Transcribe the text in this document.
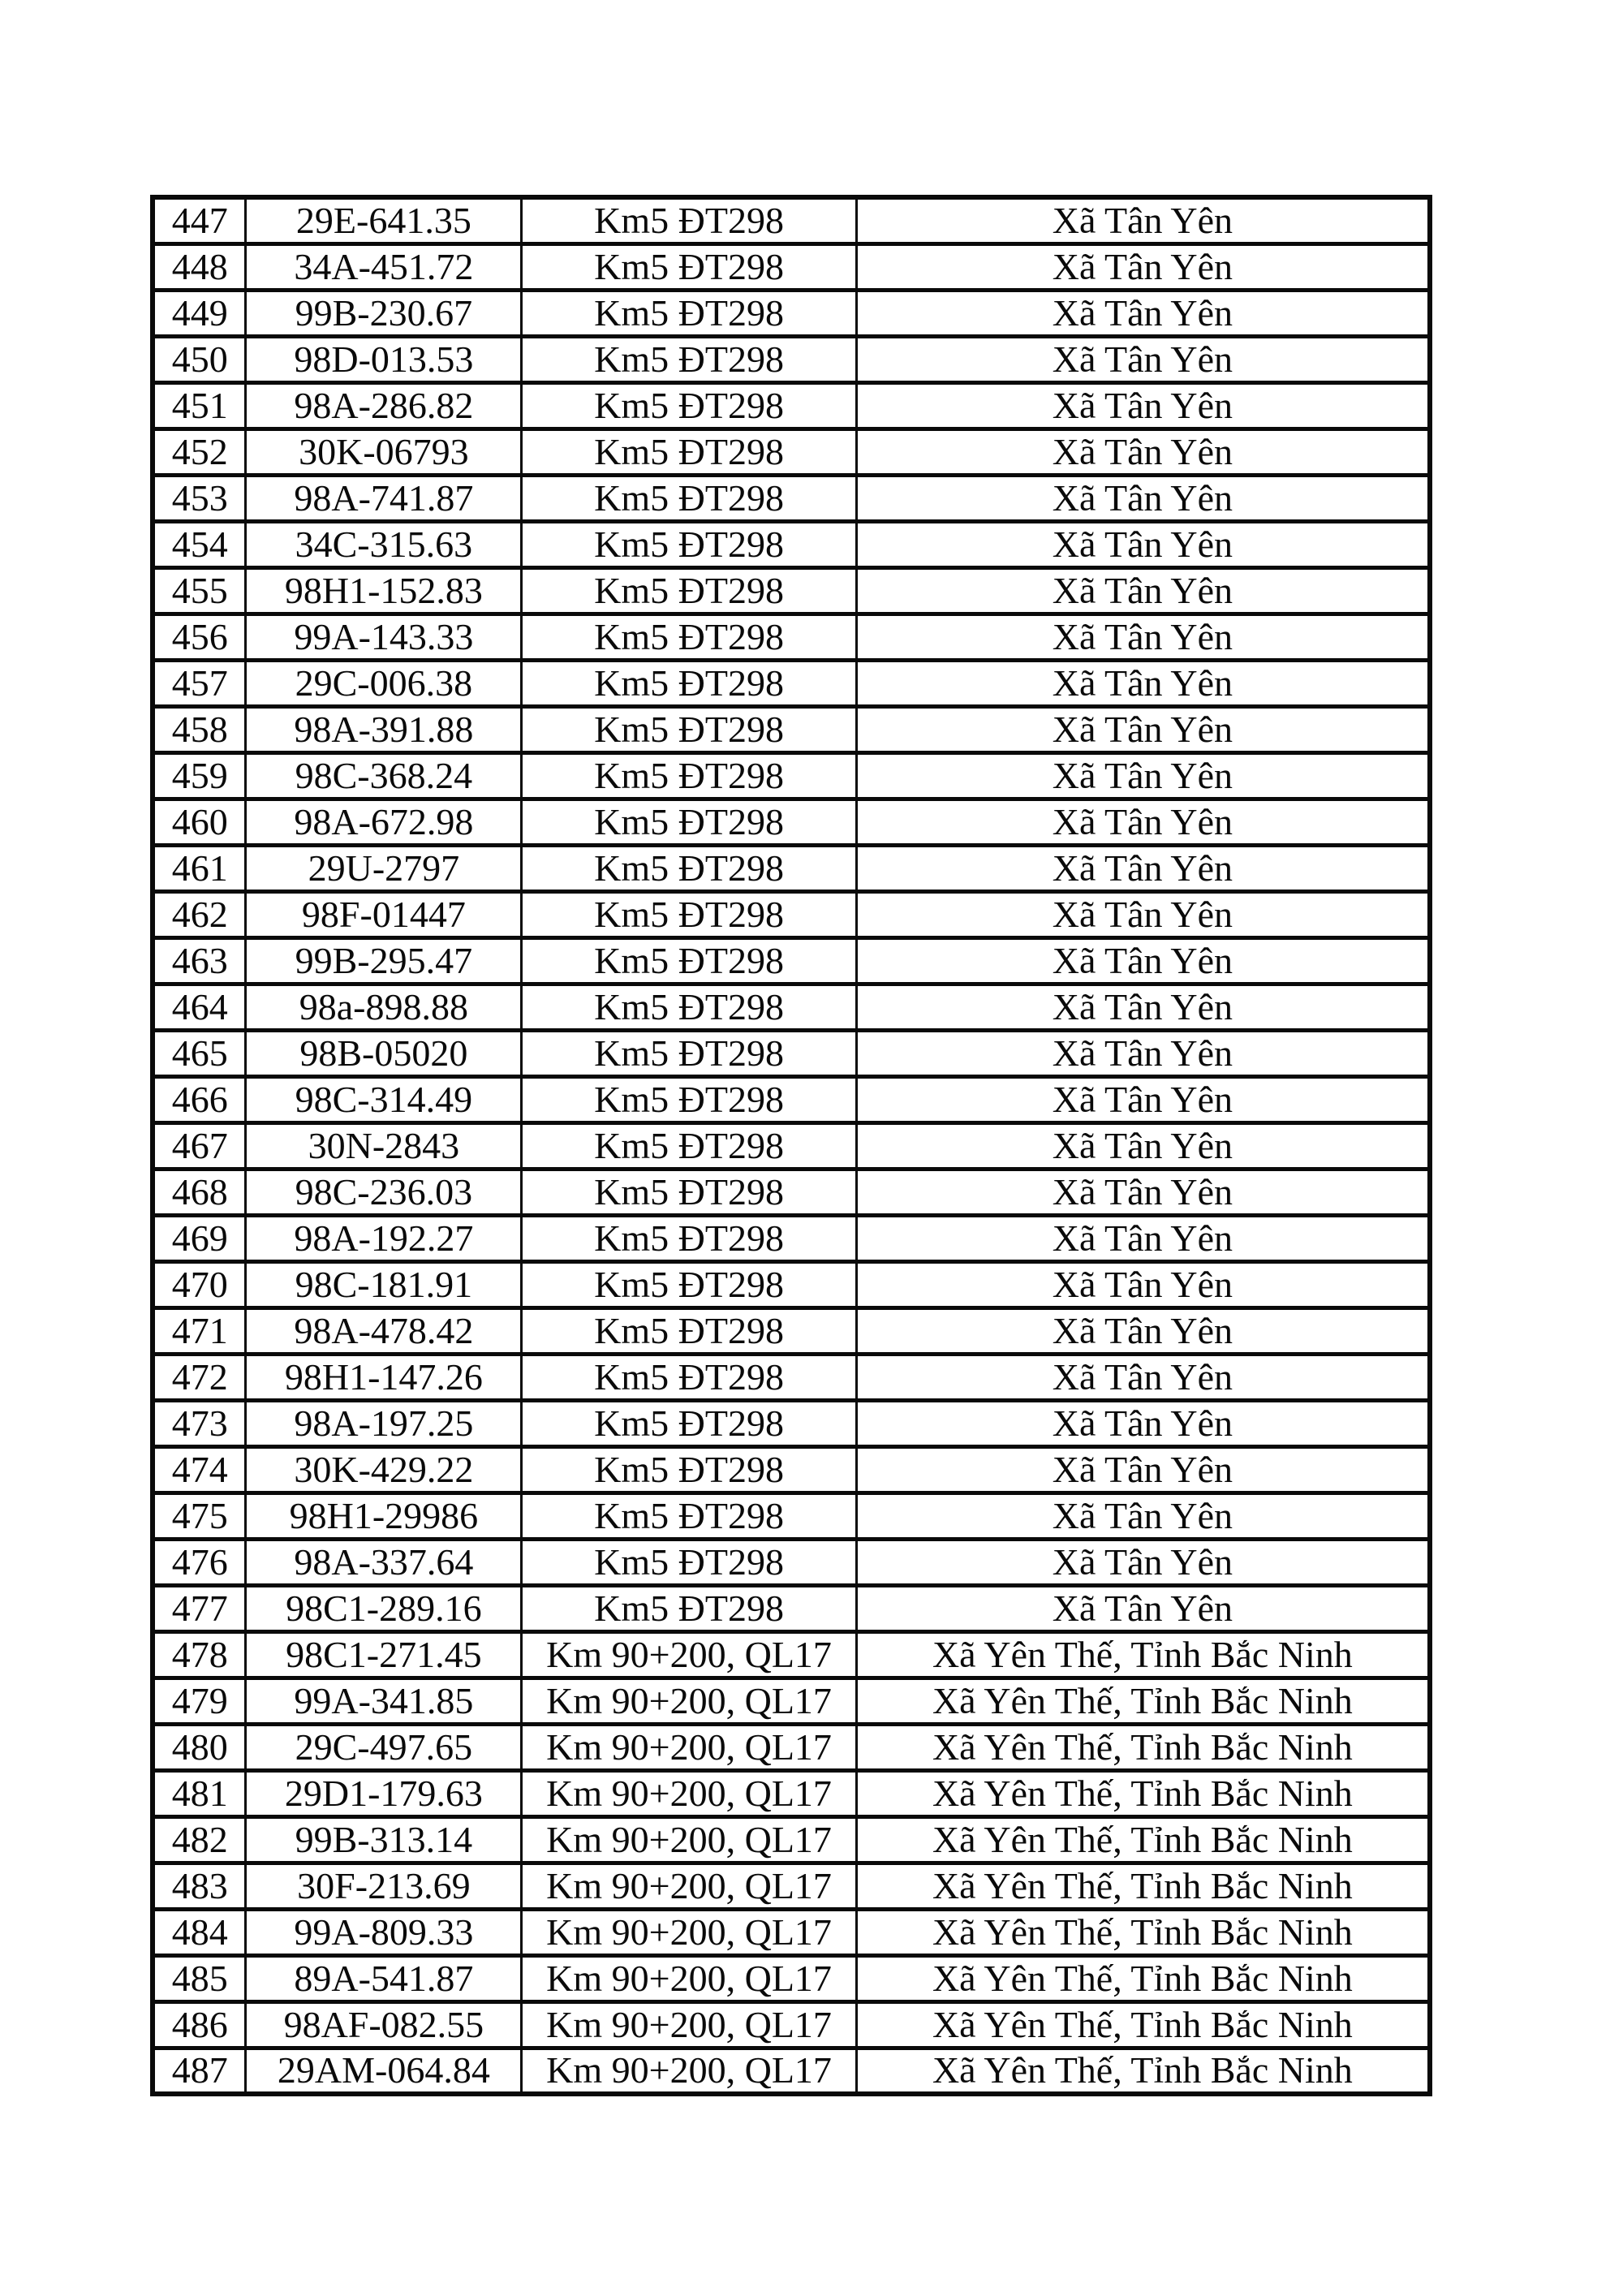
447	29E-641.35	Km5 ĐT298	Xã Tân Yên
448	34A-451.72	Km5 ĐT298	Xã Tân Yên
449	99B-230.67	Km5 ĐT298	Xã Tân Yên
450	98D-013.53	Km5 ĐT298	Xã Tân Yên
451	98A-286.82	Km5 ĐT298	Xã Tân Yên
452	30K-06793	Km5 ĐT298	Xã Tân Yên
453	98A-741.87	Km5 ĐT298	Xã Tân Yên
454	34C-315.63	Km5 ĐT298	Xã Tân Yên
455	98H1-152.83	Km5 ĐT298	Xã Tân Yên
456	99A-143.33	Km5 ĐT298	Xã Tân Yên
457	29C-006.38	Km5 ĐT298	Xã Tân Yên
458	98A-391.88	Km5 ĐT298	Xã Tân Yên
459	98C-368.24	Km5 ĐT298	Xã Tân Yên
460	98A-672.98	Km5 ĐT298	Xã Tân Yên
461	29U-2797	Km5 ĐT298	Xã Tân Yên
462	98F-01447	Km5 ĐT298	Xã Tân Yên
463	99B-295.47	Km5 ĐT298	Xã Tân Yên
464	98a-898.88	Km5 ĐT298	Xã Tân Yên
465	98B-05020	Km5 ĐT298	Xã Tân Yên
466	98C-314.49	Km5 ĐT298	Xã Tân Yên
467	30N-2843	Km5 ĐT298	Xã Tân Yên
468	98C-236.03	Km5 ĐT298	Xã Tân Yên
469	98A-192.27	Km5 ĐT298	Xã Tân Yên
470	98C-181.91	Km5 ĐT298	Xã Tân Yên
471	98A-478.42	Km5 ĐT298	Xã Tân Yên
472	98H1-147.26	Km5 ĐT298	Xã Tân Yên
473	98A-197.25	Km5 ĐT298	Xã Tân Yên
474	30K-429.22	Km5 ĐT298	Xã Tân Yên
475	98H1-29986	Km5 ĐT298	Xã Tân Yên
476	98A-337.64	Km5 ĐT298	Xã Tân Yên
477	98C1-289.16	Km5 ĐT298	Xã Tân Yên
478	98C1-271.45	Km 90+200, QL17	Xã Yên Thế, Tỉnh Bắc Ninh
479	99A-341.85	Km 90+200, QL17	Xã Yên Thế, Tỉnh Bắc Ninh
480	29C-497.65	Km 90+200, QL17	Xã Yên Thế, Tỉnh Bắc Ninh
481	29D1-179.63	Km 90+200, QL17	Xã Yên Thế, Tỉnh Bắc Ninh
482	99B-313.14	Km 90+200, QL17	Xã Yên Thế, Tỉnh Bắc Ninh
483	30F-213.69	Km 90+200, QL17	Xã Yên Thế, Tỉnh Bắc Ninh
484	99A-809.33	Km 90+200, QL17	Xã Yên Thế, Tỉnh Bắc Ninh
485	89A-541.87	Km 90+200, QL17	Xã Yên Thế, Tỉnh Bắc Ninh
486	98AF-082.55	Km 90+200, QL17	Xã Yên Thế, Tỉnh Bắc Ninh
487	29AM-064.84	Km 90+200, QL17	Xã Yên Thế, Tỉnh Bắc Ninh
